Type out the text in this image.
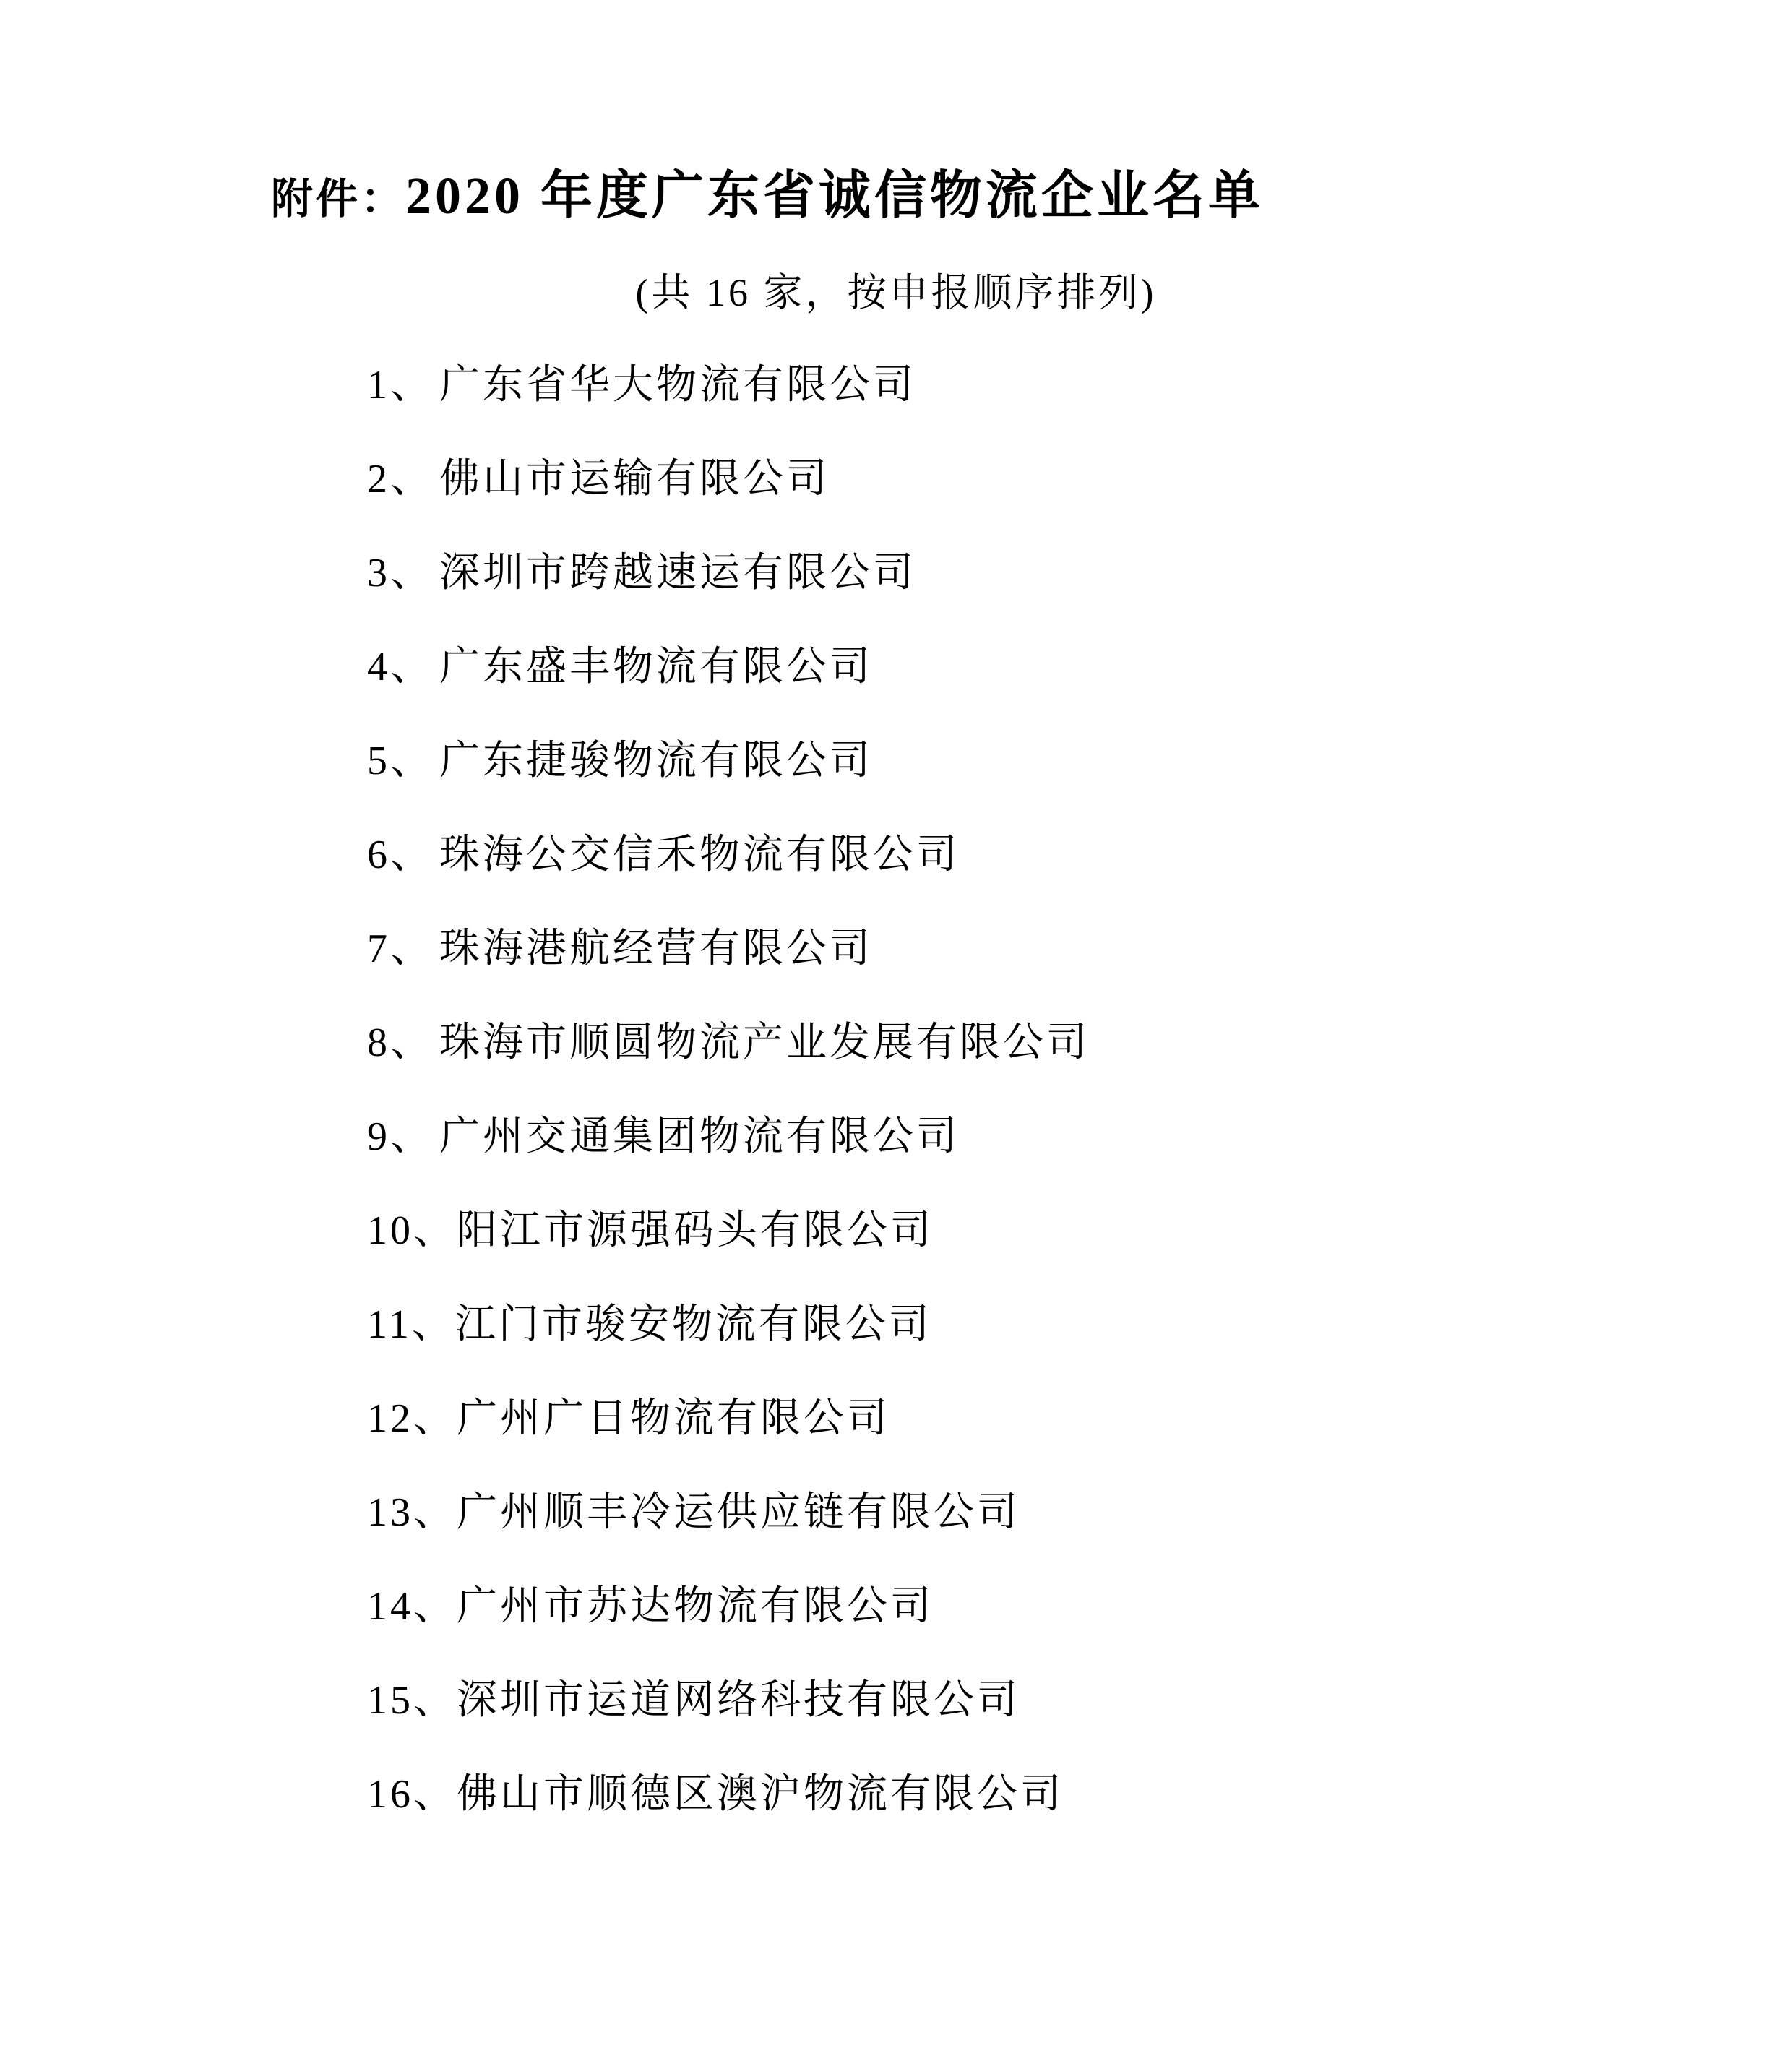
附件：2020 年度广东省诚信物流企业名单
(共 16 家，按申报顺序排列)
1、 广东省华大物流有限公司
2、 佛山市运输有限公司
3、 深圳市跨越速运有限公司
4、 广东盛丰物流有限公司
5、 广东捷骏物流有限公司
6、 珠海公交信禾物流有限公司
7、 珠海港航经营有限公司
8、 珠海市顺圆物流产业发展有限公司
9、 广州交通集团物流有限公司
10、阳江市源强码头有限公司
11、江门市骏安物流有限公司
12、广州广日物流有限公司
13、广州顺丰冷运供应链有限公司
14、广州市苏达物流有限公司
15、深圳市运道网络科技有限公司
16、佛山市顺德区澳沪物流有限公司
